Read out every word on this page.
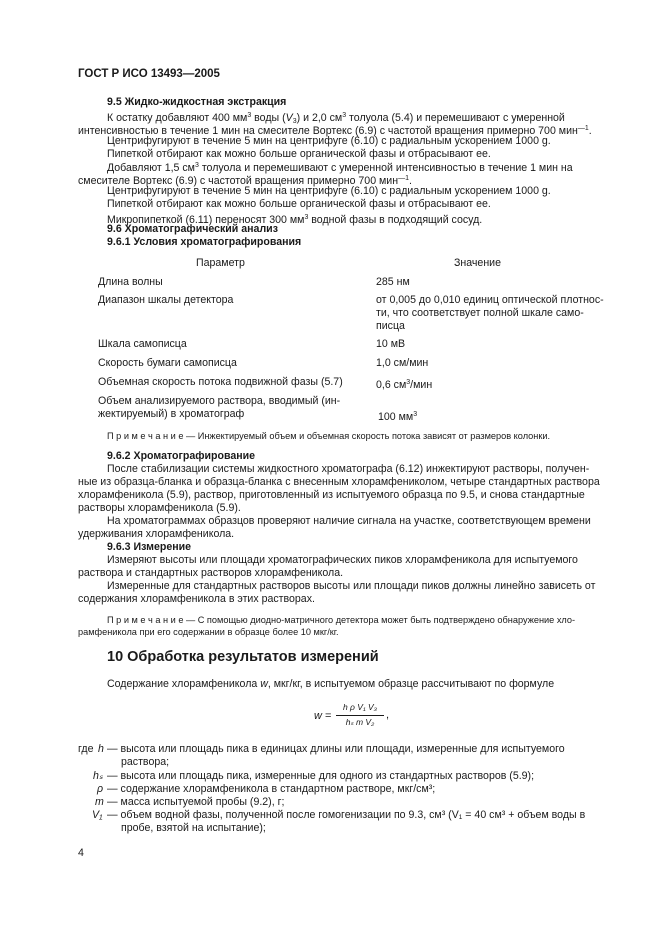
ГОСТ Р ИСО 13493—2005
9.5 Жидко-жидкостная экстракция
К остатку добавляют 400 $мм^3$ воды $(V_3)$ и 2,0 $см^3$ толуола (5.4) и перемешивают с умеренной
интенсивностью в течение 1 мин на смесителе Вортекс (6.9) с частотой вращения примерно 700 мин$^{—1}$.
Центрифугируют в течение 5 мин на центрифуге (6.10) с радиальным ускорением 1000 g.
Пипеткой отбирают как можно больше органической фазы и отбрасывают ее.
Добавляют 1,5 $см^3$ толуола и перемешивают с умеренной интенсивностью в течение 1 мин на
смесителе Вортекс (6.9) с частотой вращения примерно 700 мин$^{—1}$.
Центрифугируют в течение 5 мин на центрифуге (6.10) с радиальным ускорением 1000 g.
Пипеткой отбирают как можно больше органической фазы и отбрасывают ее.
Микропипеткой (6.11) переносят 300 $мм^3$ водной фазы в подходящий сосуд.
9.6 Хроматографический анализ
9.6.1 Условия хроматографирования
Параметр	Значение
Длина волны	285 нм
Диапазон шкалы детектора	от 0,005 до 0,010 единиц оптической плотнос-
ти, что соответствует полной шкале само-
писца
Шкала самописца	10 мВ
Скорость бумаги самописца	1,0 см/мин
Объемная скорость потока подвижной фазы (5.7)	0,6 $см^3$/мин
Объем анализируемого раствора, вводимый (ин-
жектируемый) в хроматограф	100 $мм^3$
П р и м е ч а н и е — Инжектируемый объем и объемная скорость потока зависят от размеров колонки.
9.6.2 Хроматографирование
После стабилизации системы жидкостного хроматографа (6.12) инжектируют растворы, получен-
ные из образца-бланка и образца-бланка с внесенным хлорамфениколом, четыре стандартных раствора
хлорамфеникола (5.9), раствор, приготовленный из испытуемого образца по 9.5, и снова стандартные
растворы хлорамфеникола (5.9).
На хроматограммах образцов проверяют наличие сигнала на участке, соответствующем времени
удерживания хлорамфеникола.
9.6.3 Измерение
Измеряют высоты или площади хроматографических пиков хлорамфеникола для испытуемого
раствора и стандартных растворов хлорамфеникола.
Измеренные для стандартных растворов высоты или площади пиков должны линейно зависеть от
содержания хлорамфеникола в этих растворах.
П р и м е ч а н и е — С помощью диодно-матричного детектора может быть подтверждено обнаружение хло-
рамфеникола при его содержании в образце более 10 мкг/кг.
10 Обработка результатов измерений
Содержание хлорамфеникола w, мкг/кг, в испытуемом образце рассчитывают по формуле
w =
h ρ V₁ V₃
hₛ m V₂
,
где h — высота или площадь пика в единицах длины или площади, измеренные для испытуемого
раствора;
hₛ — высота или площадь пика, измеренные для одного из стандартных растворов (5.9);
ρ — содержание хлорамфеникола в стандартном растворе, мкг/см³;
m — масса испытуемой пробы (9.2), г;
V₁ — объем водной фазы, полученной после гомогенизации по 9.3, см³ (V₁ = 40 см³ + объем воды в
пробе, взятой на испытание);
4
